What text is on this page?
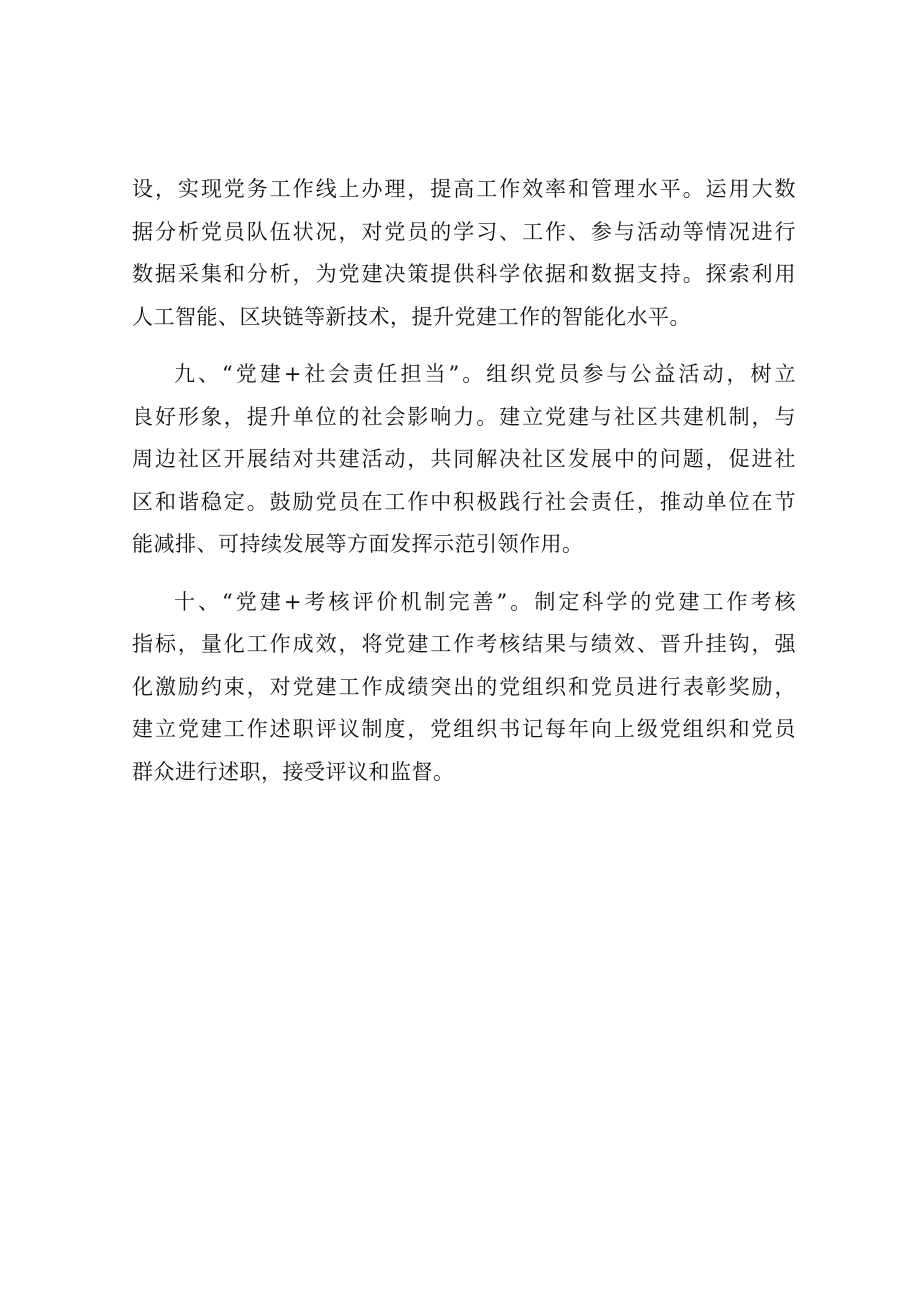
设，实现党务工作线上办理，提高工作效率和管理水平。运用大数
据分析党员队伍状况，对党员的学习、工作、参与活动等情况进行
数据采集和分析，为党建决策提供科学依据和数据支持。探索利用
人工智能、区块链等新技术，提升党建工作的智能化水平。

九、“党建+社会责任担当”。组织党员参与公益活动，树立
良好形象，提升单位的社会影响力。建立党建与社区共建机制，与
周边社区开展结对共建活动，共同解决社区发展中的问题，促进社
区和谐稳定。鼓励党员在工作中积极践行社会责任，推动单位在节
能减排、可持续发展等方面发挥示范引领作用。

十、“党建+考核评价机制完善”。制定科学的党建工作考核
指标，量化工作成效，将党建工作考核结果与绩效、晋升挂钩，强
化激励约束，对党建工作成绩突出的党组织和党员进行表彰奖励，
建立党建工作述职评议制度，党组织书记每年向上级党组织和党员
群众进行述职，接受评议和监督。
